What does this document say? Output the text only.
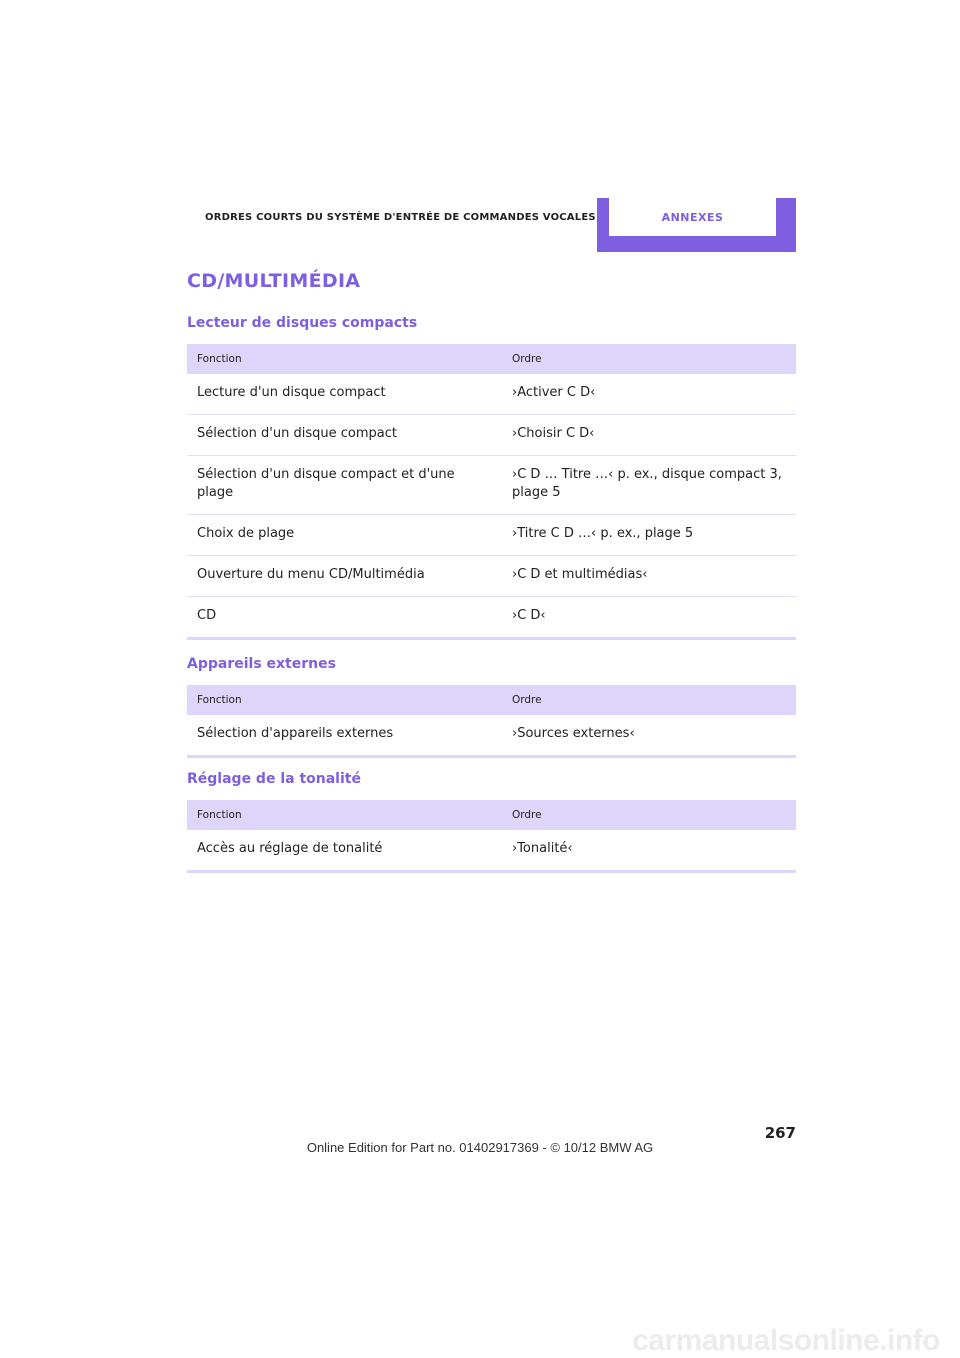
ORDRES COURTS DU SYSTÈME D'ENTRÉE DE COMMANDES VOCALES	ANNEXES
CD/MULTIMÉDIA
Lecteur de disques compacts
Fonction	Ordre
Lecture d'un disque compact	›Activer C D‹
Sélection d'un disque compact	›Choisir C D‹
Sélection d'un disque compact et d'une plage	›C D … Titre …‹ p. ex., disque compact 3, plage 5
Choix de plage	›Titre C D …‹ p. ex., plage 5
Ouverture du menu CD/Multimédia	›C D et multimédias‹
CD	›C D‹
Appareils externes
Fonction	Ordre
Sélection d'appareils externes	›Sources externes‹
Réglage de la tonalité
Fonction	Ordre
Accès au réglage de tonalité	›Tonalité‹
267
Online Edition for Part no. 01402917369 - © 10/12 BMW AG
carmanualsonline.info
